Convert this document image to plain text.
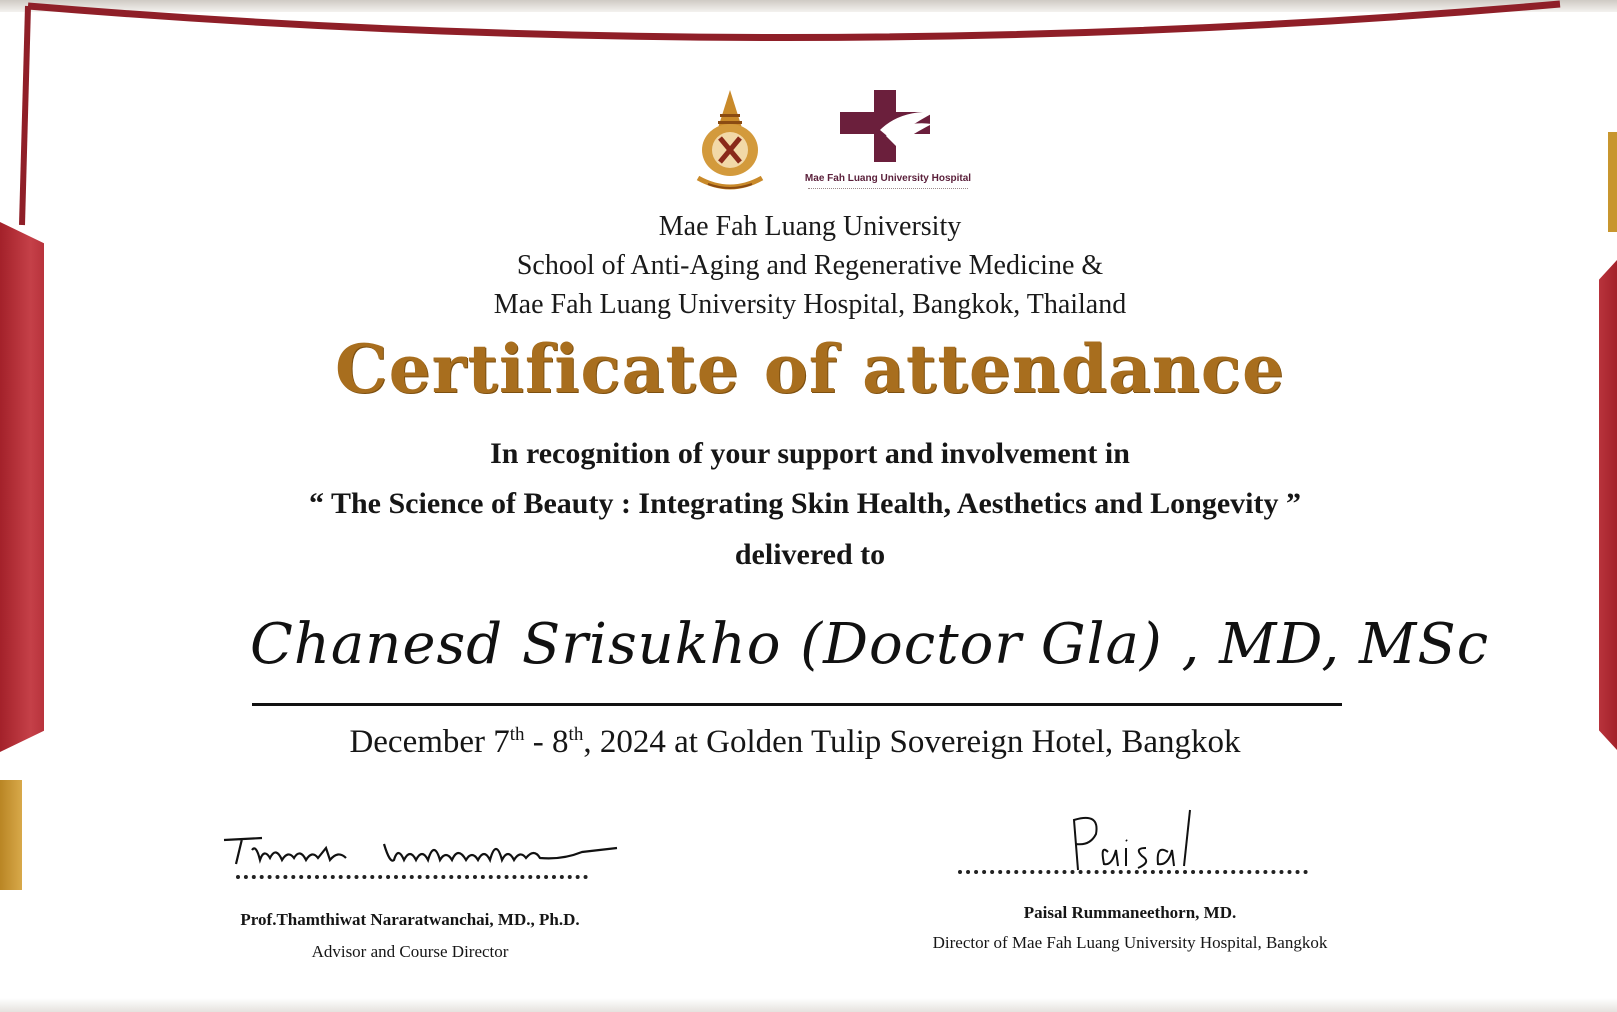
Mae Fah Luang University Hospital
Mae Fah Luang University
School of Anti-Aging and Regenerative Medicine &
Mae Fah Luang University Hospital, Bangkok, Thailand
Certificate of attendance
In recognition of your support and involvement in
“ The Science of Beauty : Integrating Skin Health, Aesthetics and Longevity ”
delivered to
Chanesd Srisukho (Doctor Gla) , MD, MSc
December 7th - 8th, 2024 at Golden Tulip Sovereign Hotel, Bangkok
Prof.Thamthiwat Nararatwanchai, MD., Ph.D.
Advisor and Course Director
Paisal Rummaneethorn, MD.
Director of Mae Fah Luang University Hospital, Bangkok
